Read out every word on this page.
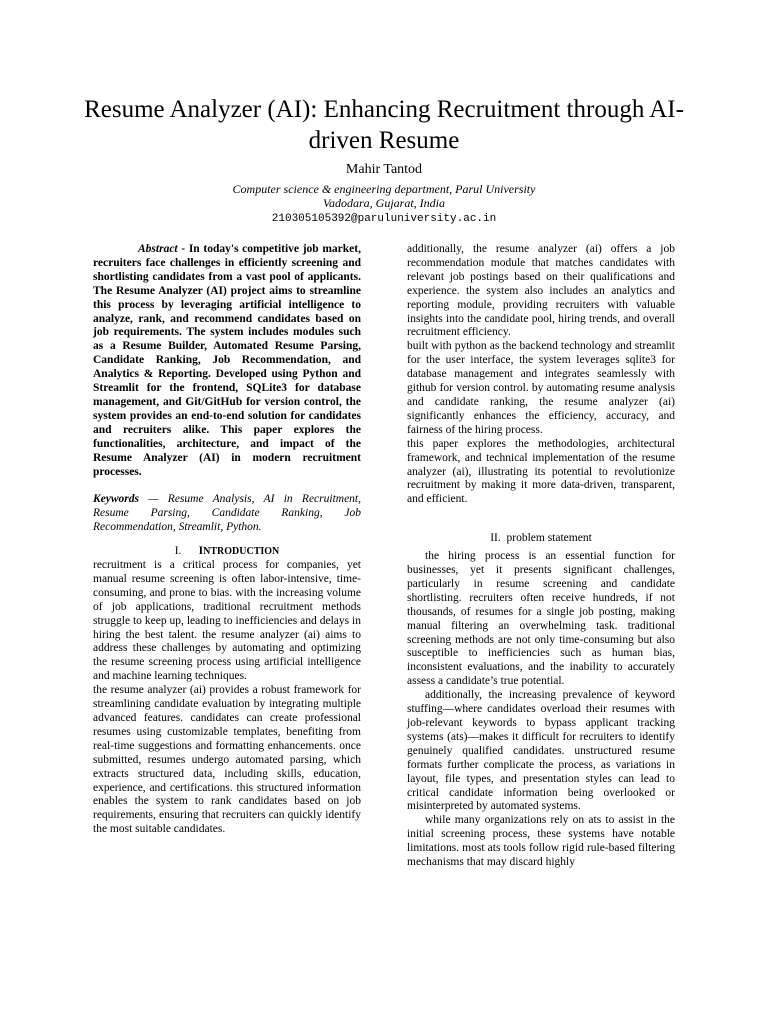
Resume Analyzer (AI): Enhancing Recruitment through AI-driven Resume
Mahir Tantod
Computer science & engineering department, Parul University
Vadodara, Gujarat, India
210305105392@paruluniversity.ac.in

Abstract - In today's competitive job market, recruiters face challenges in efficiently screening and shortlisting candidates from a vast pool of applicants. The Resume Analyzer (AI) project aims to streamline this process by leveraging artificial intelligence to analyze, rank, and recommend candidates based on job requirements. The system includes modules such as a Resume Builder, Automated Resume Parsing, Candidate Ranking, Job Recommendation, and Analytics & Reporting. Developed using Python and Streamlit for the frontend, SQLite3 for database management, and Git/GitHub for version control, the system provides an end-to-end solution for candidates and recruiters alike. This paper explores the functionalities, architecture, and impact of the Resume Analyzer (AI) in modern recruitment processes.

Keywords — Resume Analysis, AI in Recruitment, Resume Parsing, Candidate Ranking, Job Recommendation, Streamlit, Python.

I. INTRODUCTION

recruitment is a critical process for companies, yet manual resume screening is often labor-intensive, time-consuming, and prone to bias. with the increasing volume of job applications, traditional recruitment methods struggle to keep up, leading to inefficiencies and delays in hiring the best talent. the resume analyzer (ai) aims to address these challenges by automating and optimizing the resume screening process using artificial intelligence and machine learning techniques.

the resume analyzer (ai) provides a robust framework for streamlining candidate evaluation by integrating multiple advanced features. candidates can create professional resumes using customizable templates, benefiting from real-time suggestions and formatting enhancements. once submitted, resumes undergo automated parsing, which extracts structured data, including skills, education, experience, and certifications. this structured information enables the system to rank candidates based on job requirements, ensuring that recruiters can quickly identify the most suitable candidates.

additionally, the resume analyzer (ai) offers a job recommendation module that matches candidates with relevant job postings based on their qualifications and experience. the system also includes an analytics and reporting module, providing recruiters with valuable insights into the candidate pool, hiring trends, and overall recruitment efficiency.

built with python as the backend technology and streamlit for the user interface, the system leverages sqlite3 for database management and integrates seamlessly with github for version control. by automating resume analysis and candidate ranking, the resume analyzer (ai) significantly enhances the efficiency, accuracy, and fairness of the hiring process.

this paper explores the methodologies, architectural framework, and technical implementation of the resume analyzer (ai), illustrating its potential to revolutionize recruitment by making it more data-driven, transparent, and efficient.

II. problem statement

the hiring process is an essential function for businesses, yet it presents significant challenges, particularly in resume screening and candidate shortlisting. recruiters often receive hundreds, if not thousands, of resumes for a single job posting, making manual filtering an overwhelming task. traditional screening methods are not only time-consuming but also susceptible to inefficiencies such as human bias, inconsistent evaluations, and the inability to accurately assess a candidate’s true potential.

additionally, the increasing prevalence of keyword stuffing—where candidates overload their resumes with job-relevant keywords to bypass applicant tracking systems (ats)—makes it difficult for recruiters to identify genuinely qualified candidates. unstructured resume formats further complicate the process, as variations in layout, file types, and presentation styles can lead to critical candidate information being overlooked or misinterpreted by automated systems.

while many organizations rely on ats to assist in the initial screening process, these systems have notable limitations. most ats tools follow rigid rule-based filtering mechanisms that may discard highly
